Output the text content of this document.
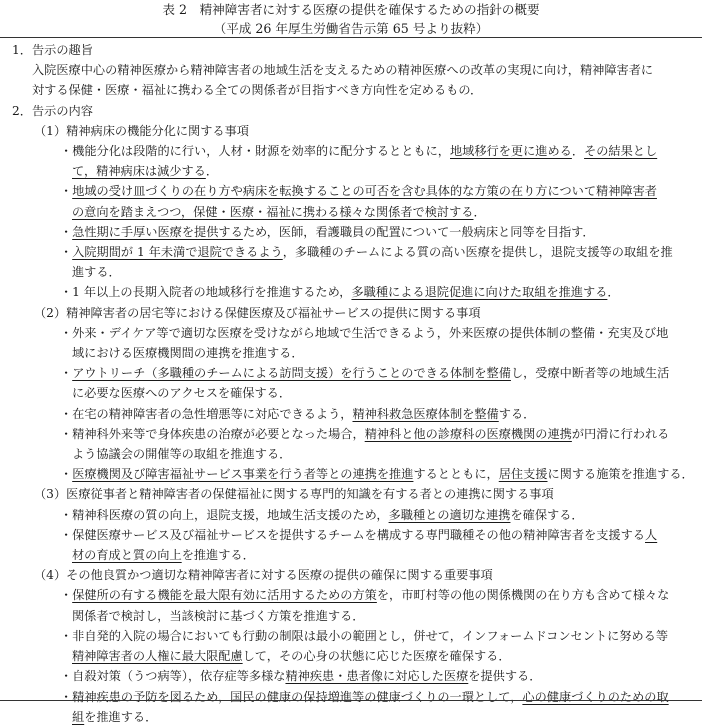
表 2　精神障害者に対する医療の提供を確保するための指針の概要
（平成 26 年厚生労働省告示第 65 号より抜粋）
1．告示の趣旨
入院医療中心の精神医療から精神障害者の地域生活を支えるための精神医療への改革の実現に向け，精神障害者に
対する保健・医療・福祉に携わる全ての関係者が目指すべき方向性を定めるもの．
2．告示の内容
（1）精神病床の機能分化に関する事項
・機能分化は段階的に行い，人材・財源を効率的に配分するとともに，地域移行を更に進める．その結果とし
て，精神病床は減少する．
・地域の受け皿づくりの在り方や病床を転換することの可否を含む具体的な方策の在り方について精神障害者
の意向を踏まえつつ，保健・医療・福祉に携わる様々な関係者で検討する．
・急性期に手厚い医療を提供するため，医師，看護職員の配置について一般病床と同等を目指す．
・入院期間が 1 年未満で退院できるよう，多職種のチームによる質の高い医療を提供し，退院支援等の取組を推
進する．
・1 年以上の長期入院者の地域移行を推進するため，多職種による退院促進に向けた取組を推進する．
（2）精神障害者の居宅等における保健医療及び福祉サービスの提供に関する事項
・外来・デイケア等で適切な医療を受けながら地域で生活できるよう，外来医療の提供体制の整備・充実及び地
域における医療機関間の連携を推進する．
・アウトリーチ（多職種のチームによる訪問支援）を行うことのできる体制を整備し，受療中断者等の地域生活
に必要な医療へのアクセスを確保する．
・在宅の精神障害者の急性増悪等に対応できるよう，精神科救急医療体制を整備する．
・精神科外来等で身体疾患の治療が必要となった場合，精神科と他の診療科の医療機関の連携が円滑に行われる
よう協議会の開催等の取組を推進する．
・医療機関及び障害福祉サービス事業を行う者等との連携を推進するとともに，居住支援に関する施策を推進する．
（3）医療従事者と精神障害者の保健福祉に関する専門的知識を有する者との連携に関する事項
・精神科医療の質の向上，退院支援，地域生活支援のため，多職種との適切な連携を確保する．
・保健医療サービス及び福祉サービスを提供するチームを構成する専門職種その他の精神障害者を支援する人
材の育成と質の向上を推進する．
（4）その他良質かつ適切な精神障害者に対する医療の提供の確保に関する重要事項
・保健所の有する機能を最大限有効に活用するための方策を，市町村等の他の関係機関の在り方も含めて様々な
関係者で検討し，当該検討に基づく方策を推進する．
・非自発的入院の場合においても行動の制限は最小の範囲とし，併せて，インフォームドコンセントに努める等
精神障害者の人権に最大限配慮して，その心身の状態に応じた医療を確保する．
・自殺対策（うつ病等），依存症等多様な精神疾患・患者像に対応した医療を提供する．
・精神疾患の予防を図るため，国民の健康の保持増進等の健康づくりの一環として，心の健康づくりのための取
組を推進する．
